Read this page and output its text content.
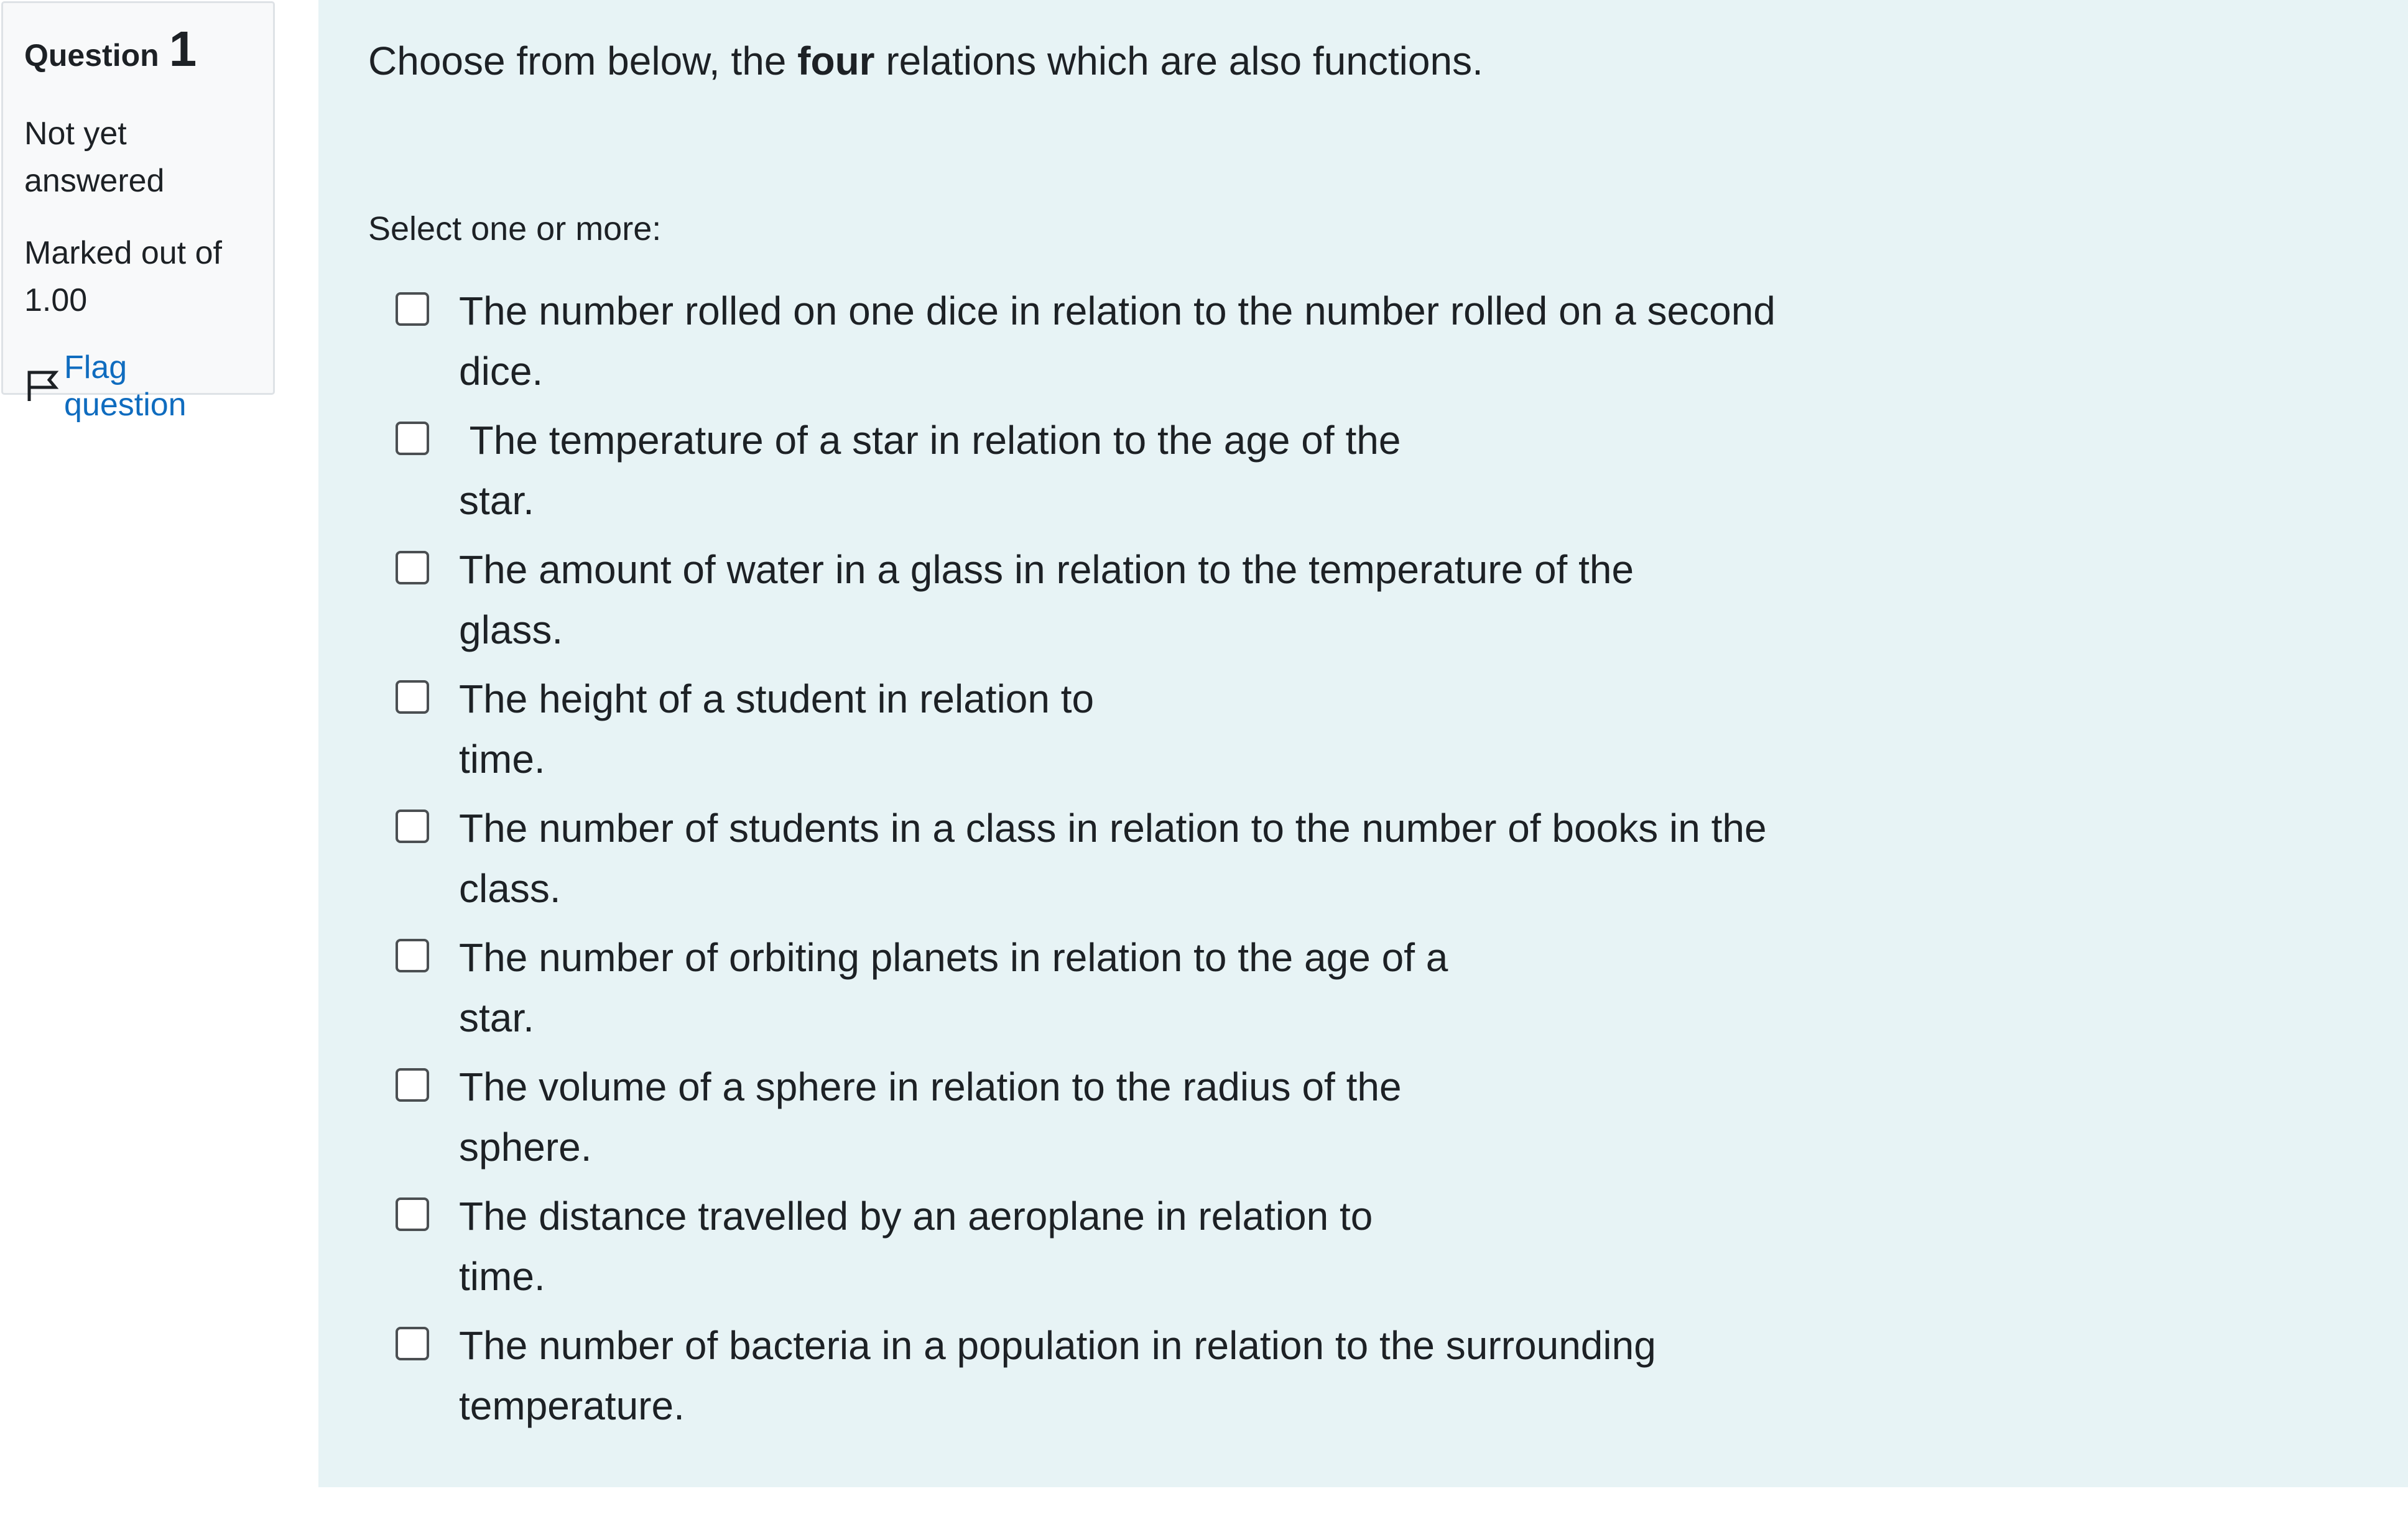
Question 1
Not yet
answered
Marked out of
1.00
Flag question
Choose from below, the four relations which are also functions.
Select one or more:
The number rolled on one dice in relation to the number rolled on a second
dice.
The temperature of a star in relation to the age of the
star.
The amount of water in a glass in relation to the temperature of the
glass.
The height of a student in relation to
time.
The number of students in a class in relation to the number of books in the
class.
The number of orbiting planets in relation to the age of a
star.
The volume of a sphere in relation to the radius of the
sphere.
The distance travelled by an aeroplane in relation to
time.
The number of bacteria in a population in relation to the surrounding
temperature.
